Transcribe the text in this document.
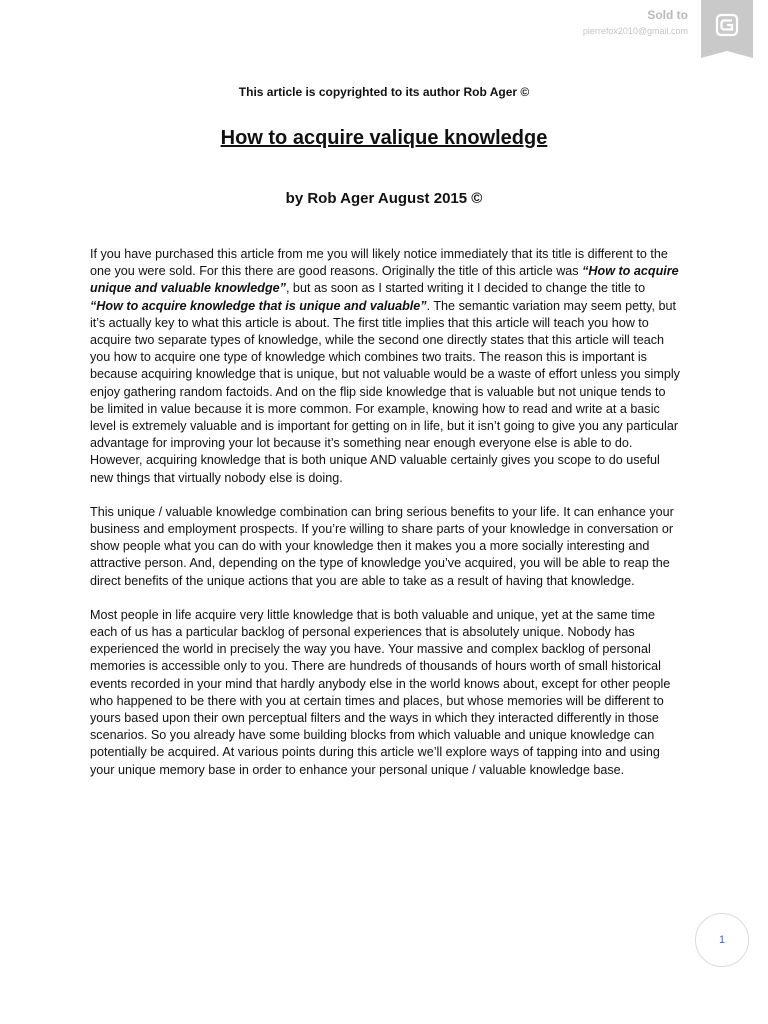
Sold to
pierrefox2010@gmail.com
This article is copyrighted to its author Rob Ager ©
How to acquire valique knowledge
by Rob Ager August 2015 ©

If you have purchased this article from me you will likely notice immediately that its title is different to the one you were sold. For this there are good reasons. Originally the title of this article was “How to acquire unique and valuable knowledge”, but as soon as I started writing it I decided to change the title to “How to acquire knowledge that is unique and valuable”. The semantic variation may seem petty, but it’s actually key to what this article is about. The first title implies that this article will teach you how to acquire two separate types of knowledge, while the second one directly states that this article will teach you how to acquire one type of knowledge which combines two traits. The reason this is important is because acquiring knowledge that is unique, but not valuable would be a waste of effort unless you simply enjoy gathering random factoids. And on the flip side knowledge that is valuable but not unique tends to be limited in value because it is more common. For example, knowing how to read and write at a basic level is extremely valuable and is important for getting on in life, but it isn’t going to give you any particular advantage for improving your lot because it’s something near enough everyone else is able to do. However, acquiring knowledge that is both unique AND valuable certainly gives you scope to do useful new things that virtually nobody else is doing.

This unique / valuable knowledge combination can bring serious benefits to your life. It can enhance your business and employment prospects. If you’re willing to share parts of your knowledge in conversation or show people what you can do with your knowledge then it makes you a more socially interesting and attractive person. And, depending on the type of knowledge you’ve acquired, you will be able to reap the direct benefits of the unique actions that you are able to take as a result of having that knowledge.

Most people in life acquire very little knowledge that is both valuable and unique, yet at the same time each of us has a particular backlog of personal experiences that is absolutely unique. Nobody has experienced the world in precisely the way you have. Your massive and complex backlog of personal memories is accessible only to you. There are hundreds of thousands of hours worth of small historical events recorded in your mind that hardly anybody else in the world knows about, except for other people who happened to be there with you at certain times and places, but whose memories will be different to yours based upon their own perceptual filters and the ways in which they interacted differently in those scenarios. So you already have some building blocks from which valuable and unique knowledge can potentially be acquired. At various points during this article we’ll explore ways of tapping into and using your unique memory base in order to enhance your personal unique / valuable knowledge base.

1
